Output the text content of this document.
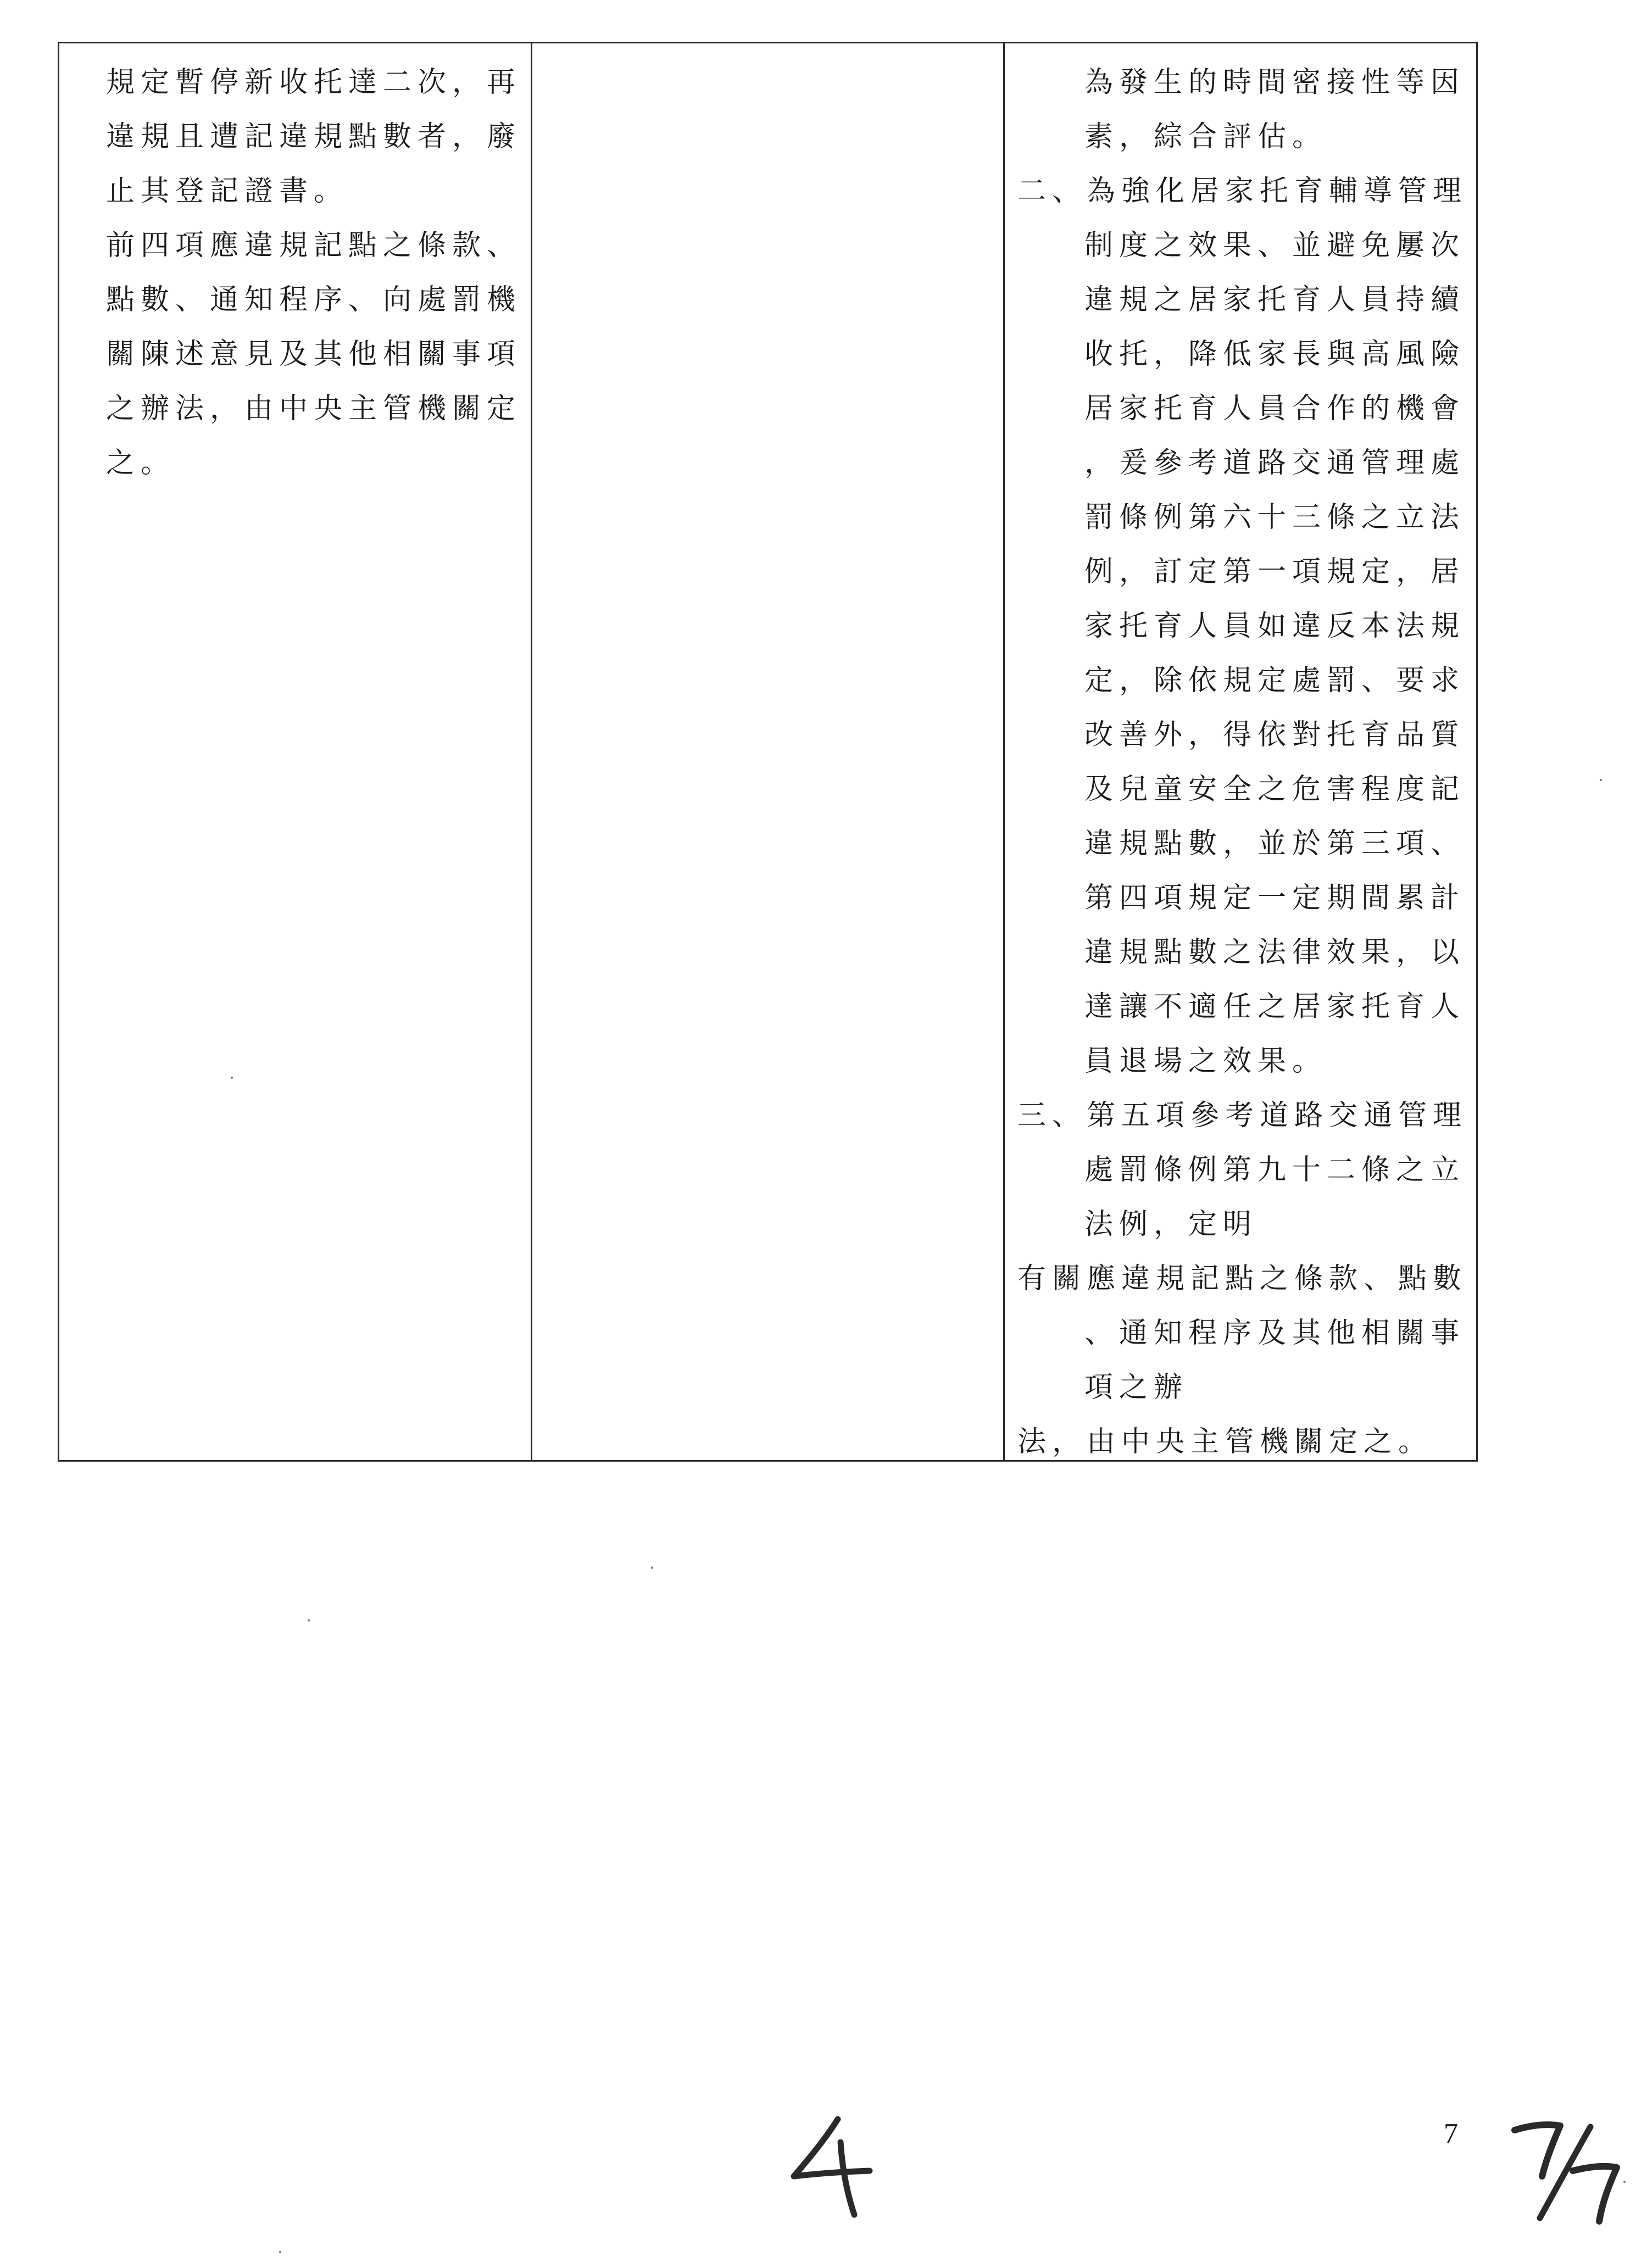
規定暫停新收托達二次，再
違規且遭記違規點數者，廢
止其登記證書。
前四項應違規記點之條款、
點數、通知程序、向處罰機
關陳述意見及其他相關事項
之辦法，由中央主管機關定
之。
為發生的時間密接性等因
素，綜合評估。
二、為強化居家托育輔導管理
制度之效果、並避免屢次
違規之居家托育人員持續
收托，降低家長與高風險
居家托育人員合作的機會
，爰參考道路交通管理處
罰條例第六十三條之立法
例，訂定第一項規定，居
家托育人員如違反本法規
定，除依規定處罰、要求
改善外，得依對托育品質
及兒童安全之危害程度記
違規點數，並於第三項、
第四項規定一定期間累計
違規點數之法律效果，以
達讓不適任之居家托育人
員退場之效果。
三、第五項參考道路交通管理
處罰條例第九十二條之立
法例，定明
有關應違規記點之條款、點數
、通知程序及其他相關事
項之辦
法，由中央主管機關定之。
7
